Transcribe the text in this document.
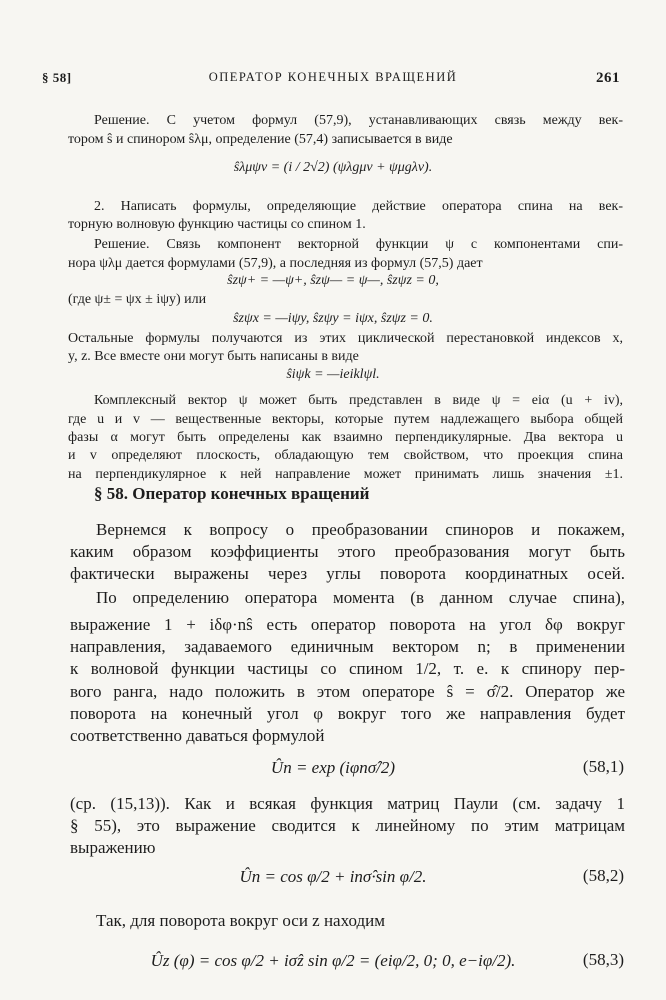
§ 58]	ОПЕРАТОР КОНЕЧНЫХ ВРАЩЕНИЙ	261
Решение. С учетом формул (57,9), устанавливающих связь между век-
тором ŝ и спинором ŝλμ, определение (57,4) записывается в виде
ŝλμψν = (i / 2√2) (ψλgμν + ψμgλν).
2. Написать формулы, определяющие действие оператора спина на век-
торную волновую функцию частицы со спином 1.
Решение. Связь компонент векторной функции ψ с компонентами спи-
нора ψλμ дается формулами (57,9), а последняя из формул (57,5) дает
ŝzψ+ = —ψ+, ŝzψ— = ψ—, ŝzψz = 0,
(где ψ± = ψx ± iψy) или
ŝzψx = —iψy, ŝzψy = iψx, ŝzψz = 0.
Остальные формулы получаются из этих циклической перестановкой индексов x,
y, z. Все вместе они могут быть написаны в виде
ŝiψk = —ieiklψl.
Комплексный вектор ψ может быть представлен в виде ψ = eiα (u + iv),
где u и v — вещественные векторы, которые путем надлежащего выбора общей
фазы α могут быть определены как взаимно перпендикулярные. Два вектора u
и v определяют плоскость, обладающую тем свойством, что проекция спина
на перпендикулярное к ней направление может принимать лишь значения ±1.
§ 58. Оператор конечных вращений
Вернемся к вопросу о преобразовании спиноров и покажем,
каким образом коэффициенты этого преобразования могут быть
фактически выражены через углы поворота координатных осей.
По определению оператора момента (в данном случае спина),
выражение 1 + iδφ·nŝ есть оператор поворота на угол δφ вокруг
направления, задаваемого единичным вектором n; в применении
к волновой функции частицы со спином 1/2, т. е. к спинору пер-
вого ранга, надо положить в этом операторе ŝ = σ̂/2. Оператор же
поворота на конечный угол φ вокруг того же направления будет
соответственно даваться формулой
Ûn = exp (iφnσ̂/2)	(58,1)
(ср. (15,13)). Как и всякая функция матриц Паули (см. задачу 1
§ 55), это выражение сводится к линейному по этим матрицам
выражению
Ûn = cos φ/2 + inσ̂·sin φ/2.	(58,2)
Так, для поворота вокруг оси z находим
Ûz (φ) = cos φ/2 + iσ̂z sin φ/2 = (eiφ/2, 0; 0, e−iφ/2).	(58,3)
